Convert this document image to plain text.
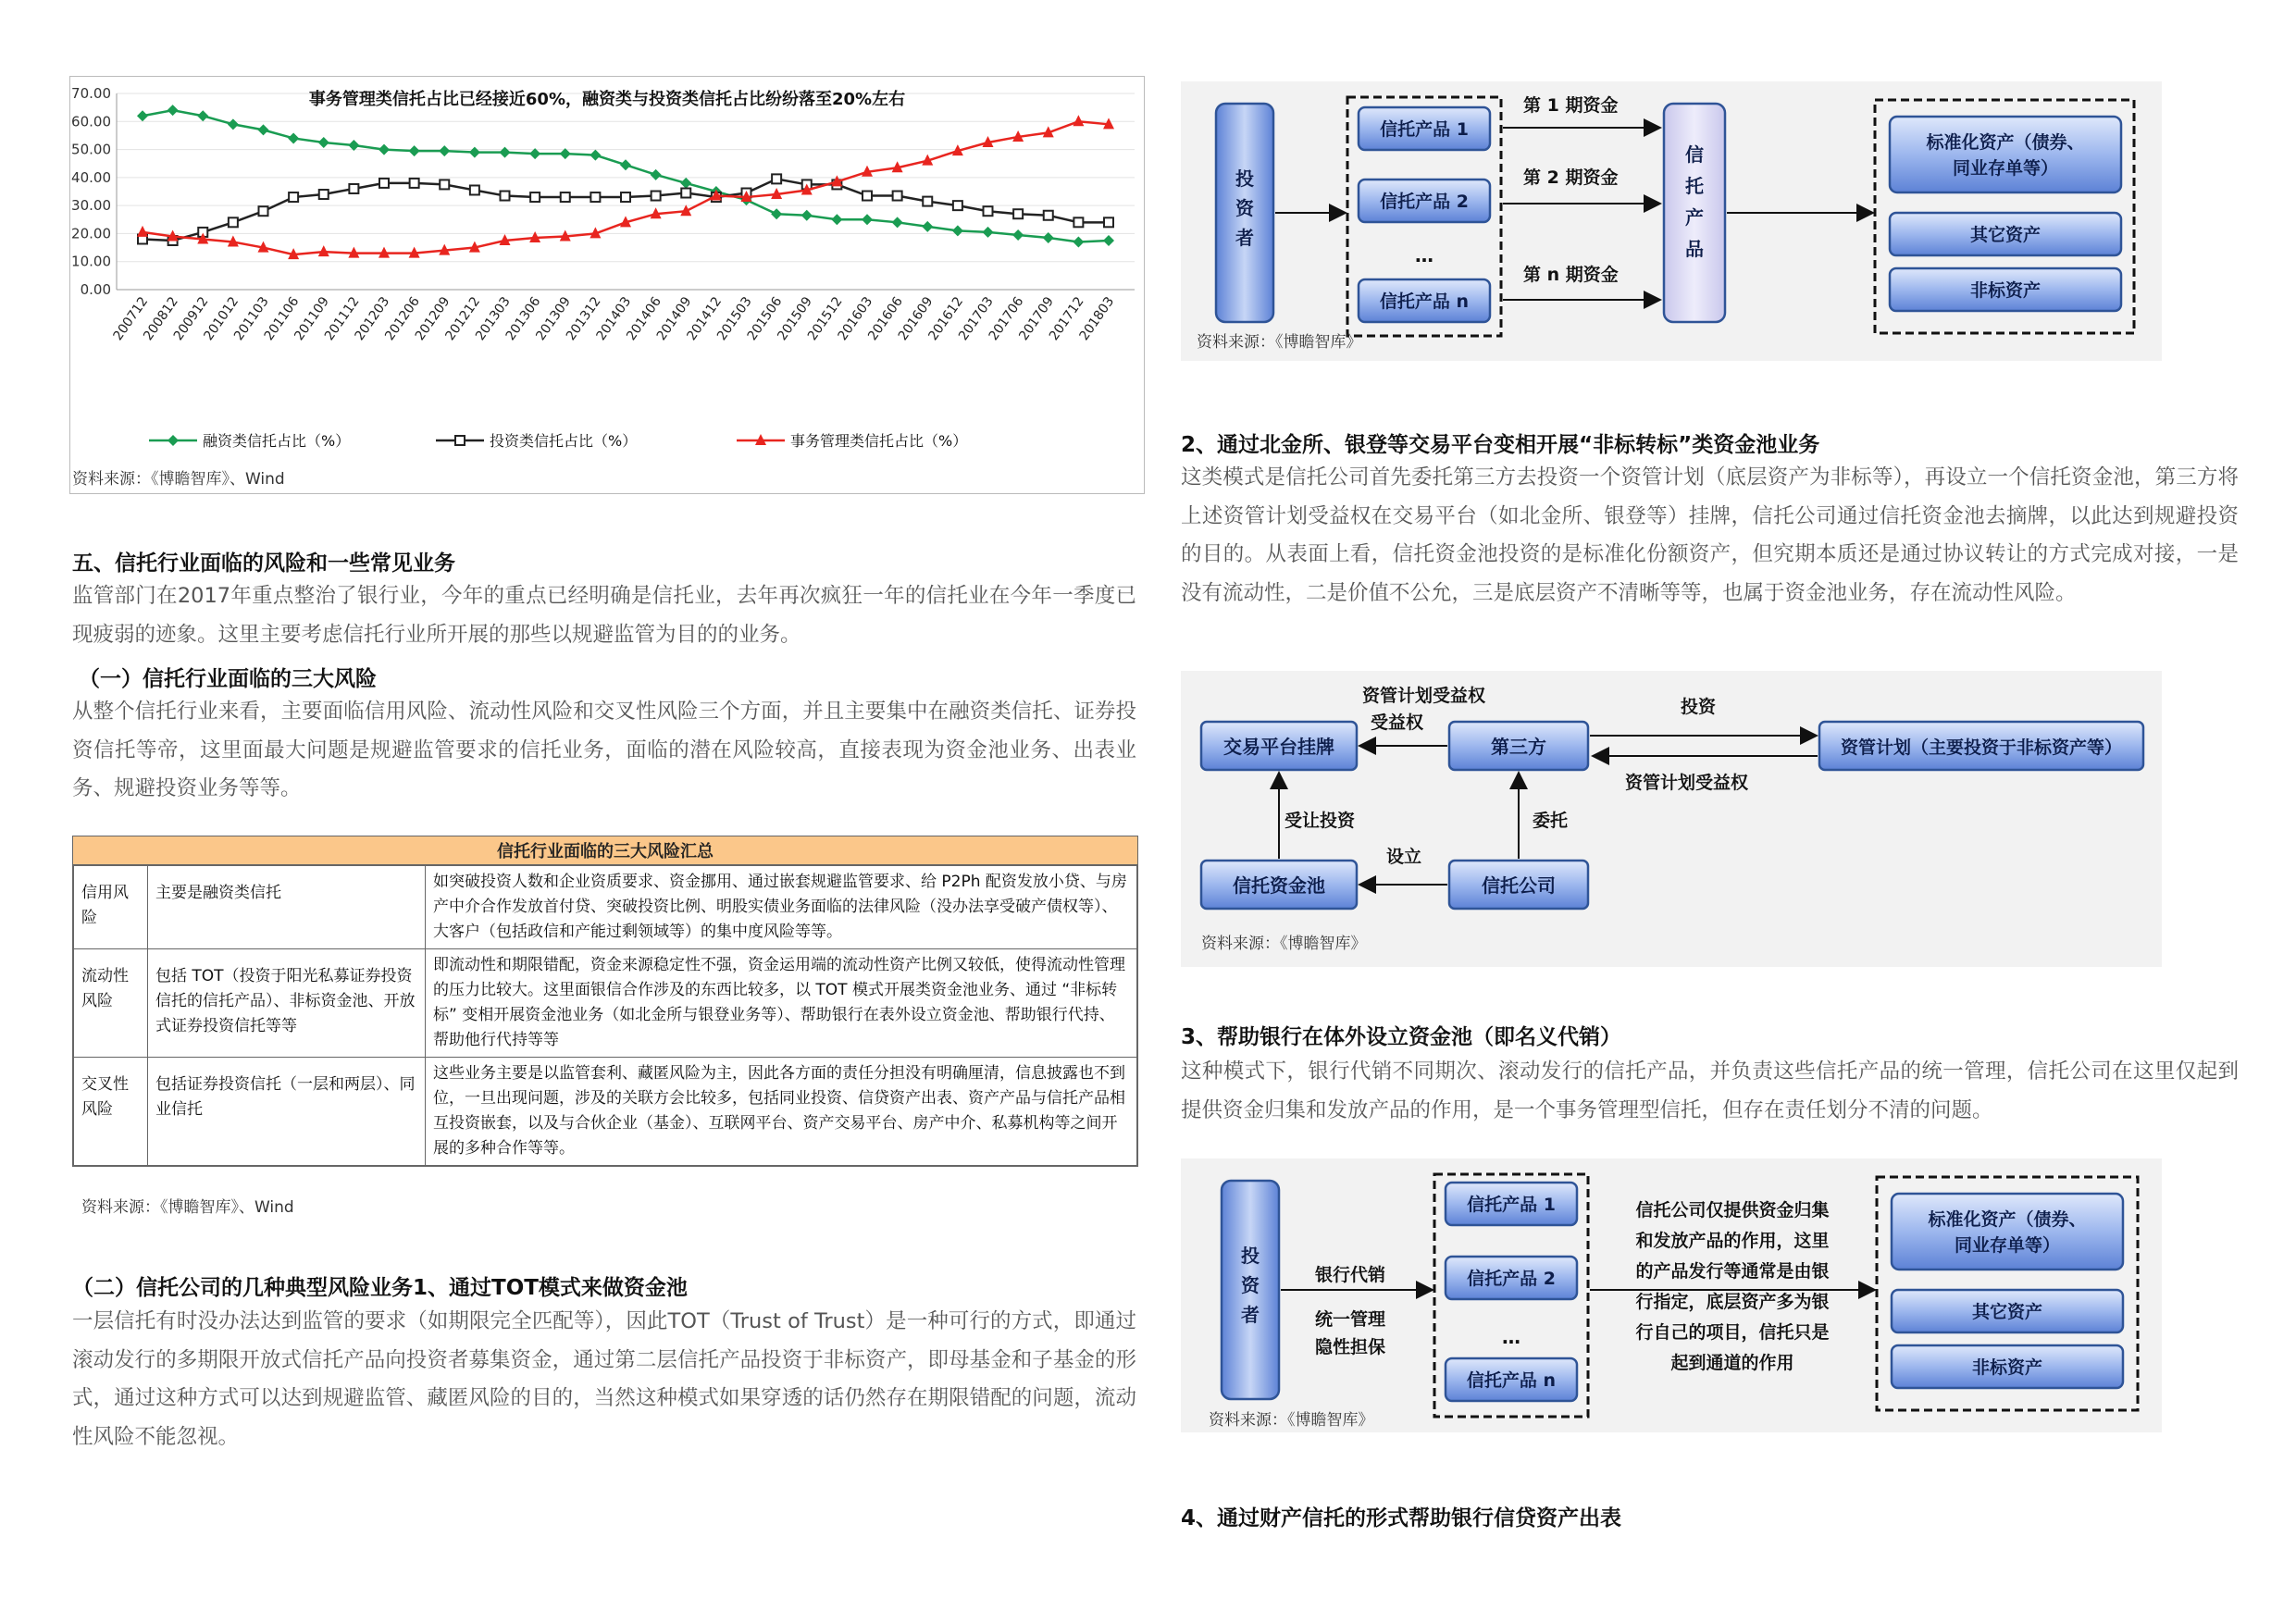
70.00
60.00
50.00
40.00
30.00
20.00
10.00
0.00
事务管理类信托占比已经接近60%，融资类与投资类信托占比纷纷落至20%左右
200712
200812
200912
201012
201103
201106
201109
201112
201203
201206
201209
201212
201303
201306
201309
201312
201403
201406
201409
201412
201503
201506
201509
201512
201603
201606
201609
201612
201703
201706
201709
201712
201803
融资类信托占比（%）	投资类信托占比（%）	事务管理类信托占比（%）
资料来源：《博瞻智库》、Wind
五、信托行业面临的风险和一些常见业务
监管部门在2017年重点整治了银行业，今年的重点已经明确是信托业，去年再次疯狂一年的信托业在今年一季度已现疲弱的迹象。这里主要考虑信托行业所开展的那些以规避监管为目的的业务。
（一）信托行业面临的三大风险
从整个信托行业来看，主要面临信用风险、流动性风险和交叉性风险三个方面，并且主要集中在融资类信托、证券投资信托等帝，这里面最大问题是规避监管要求的信托业务，面临的潜在风险较高，直接表现为资金池业务、出表业务、规避投资业务等等。
信托行业面临的三大风险汇总
信用风险	主要是融资类信托	如突破投资人数和企业资质要求、资金挪用、通过嵌套规避监管要求、给 P2Ph 配资发放小贷、与房产中介合作发放首付贷、突破投资比例、明股实债业务面临的法律风险（没办法享受破产债权等）、大客户（包括政信和产能过剩领域等）的集中度风险等等。
流动性风险	包括 TOT（投资于阳光私募证券投资信托的信托产品）、非标资金池、开放式证券投资信托等等	即流动性和期限错配，资金来源稳定性不强，资金运用端的流动性资产比例又较低，使得流动性管理的压力比较大。这里面银信合作涉及的东西比较多，以 TOT 模式开展类资金池业务、通过 “非标转标” 变相开展资金池业务（如北金所与银登业务等）、帮助银行在表外设立资金池、帮助银行代持、帮助他行代持等等
交叉性风险	包括证券投资信托（一层和两层）、同业信托	这些业务主要是以监管套利、藏匿风险为主，因此各方面的责任分担没有明确厘清，信息披露也不到位，一旦出现问题，涉及的关联方会比较多，包括同业投资、信贷资产出表、资产产品与信托产品相互投资嵌套，以及与合伙企业（基金）、互联网平台、资产交易平台、房产中介、私募机构等之间开展的多种合作等等。
资料来源：《博瞻智库》、Wind
（二）信托公司的几种典型风险业务1、通过TOT模式来做资金池
一层信托有时没办法达到监管的要求（如期限完全匹配等），因此TOT（Trust of Trust）是一种可行的方式，即通过滚动发行的多期限开放式信托产品向投资者募集资金，通过第二层信托产品投资于非标资产，即母基金和子基金的形式，通过这种方式可以达到规避监管、藏匿风险的目的，当然这种模式如果穿透的话仍然存在期限错配的问题，流动性风险不能忽视。
投资者
信托产品 1
信托产品 2
…
信托产品 n
第 1 期资金
第 2 期资金
第 n 期资金
信托产品
标准化资产（债券、同业存单等）
其它资产
非标资产
资料来源：《博瞻智库》
2、通过北金所、银登等交易平台变相开展“非标转标”类资金池业务
这类模式是信托公司首先委托第三方去投资一个资管计划（底层资产为非标等），再设立一个信托资金池，第三方将上述资管计划受益权在交易平台（如北金所、银登等）挂牌，信托公司通过信托资金池去摘牌，以此达到规避投资的目的。从表面上看，信托资金池投资的是标准化份额资产，但究期本质还是通过协议转让的方式完成对接，一是没有流动性，二是价值不公允，三是底层资产不清晰等等，也属于资金池业务，存在流动性风险。
交易平台挂牌	第三方	资管计划（主要投资于非标资产等）
信托资金池	信托公司
资管计划受益权
受益权
投资
资管计划受益权
受让投资	委托
设立
资料来源：《博瞻智库》
3、帮助银行在体外设立资金池（即名义代销）
这种模式下，银行代销不同期次、滚动发行的信托产品，并负责这些信托产品的统一管理，信托公司在这里仅起到提供资金归集和发放产品的作用，是一个事务管理型信托，但存在责任划分不清的问题。
投资者
银行代销
统一管理
隐性担保
信托产品 1
信托产品 2
…
信托产品 n
信托公司仅提供资金归集和发放产品的作用，这里的产品发行等通常是由银行指定，底层资产多为银行自己的项目，信托只是起到通道的作用
标准化资产（债券、同业存单等）
其它资产
非标资产
资料来源：《博瞻智库》
4、通过财产信托的形式帮助银行信贷资产出表
